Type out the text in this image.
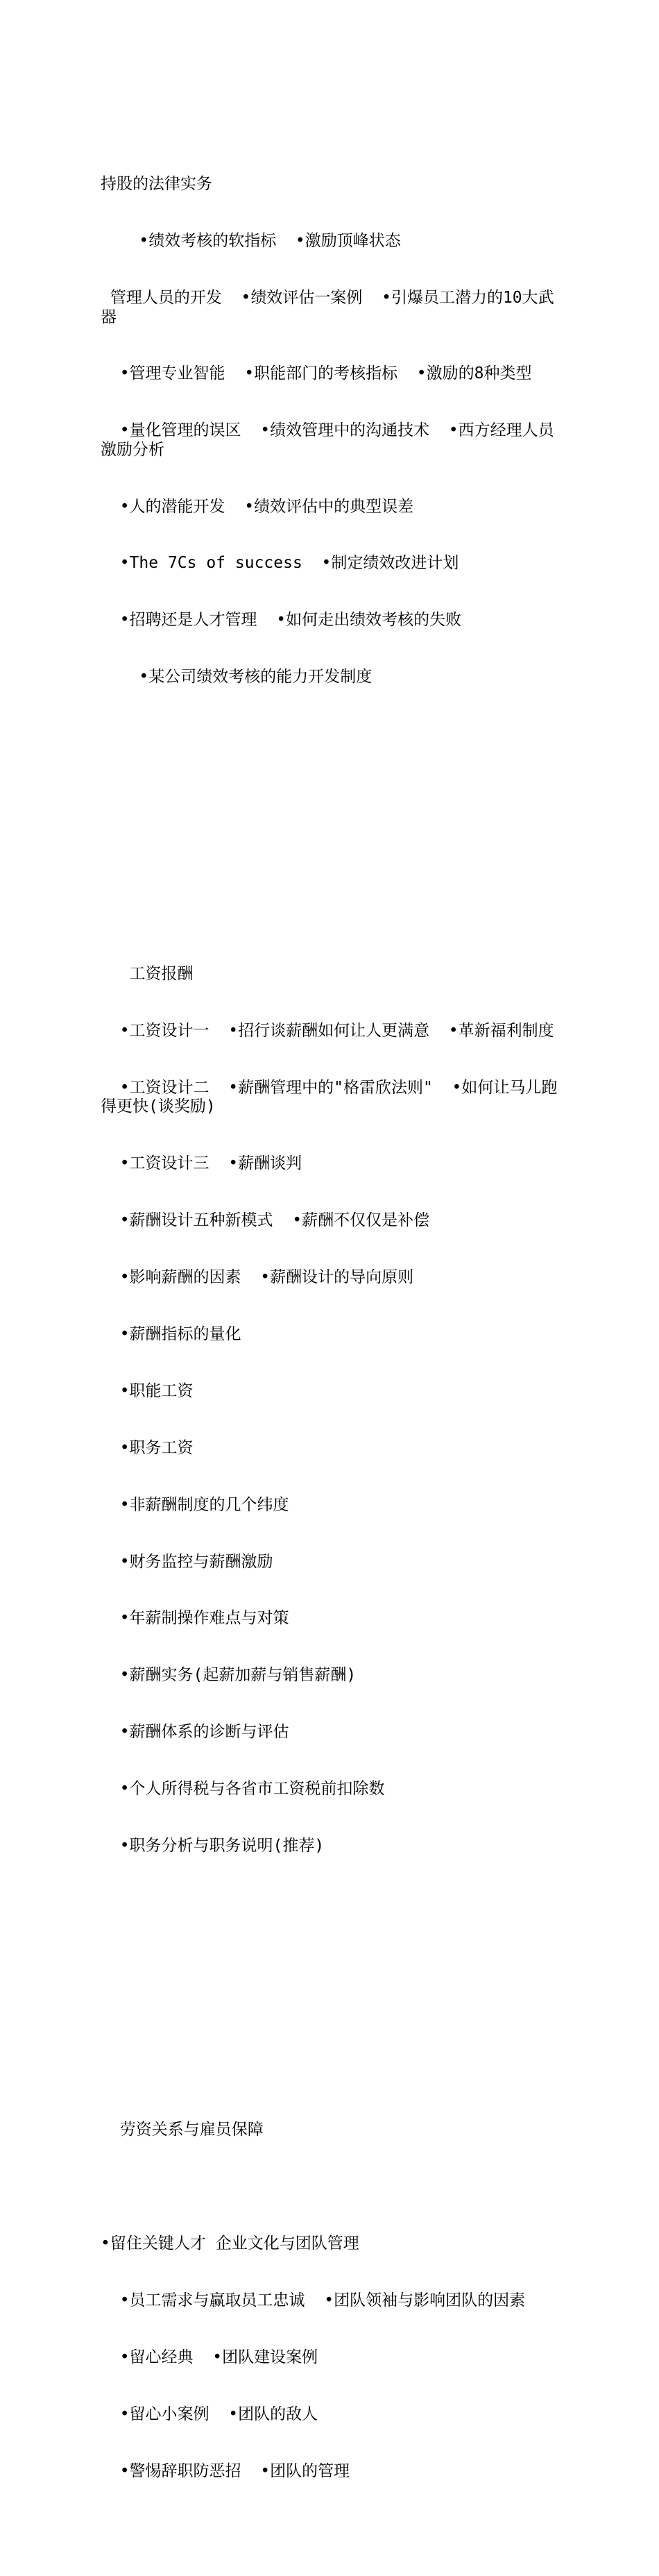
持股的法律实务

•绩效考核的软指标  •激励顶峰状态

管理人员的开发  •绩效评估一案例  •引爆员工潜力的10大武器

•管理专业智能  •职能部门的考核指标  •激励的8种类型

•量化管理的误区  •绩效管理中的沟通技术  •西方经理人员激励分析

•人的潜能开发  •绩效评估中的典型误差

•The 7Cs of success  •制定绩效改进计划

•招聘还是人才管理  •如何走出绩效考核的失败

•某公司绩效考核的能力开发制度

工资报酬

•工资设计一  •招行谈薪酬如何让人更满意  •革新福利制度

•工资设计二  •薪酬管理中的"格雷欣法则"  •如何让马儿跑得更快(谈奖励)

•工资设计三  •薪酬谈判

•薪酬设计五种新模式  •薪酬不仅仅是补偿

•影响薪酬的因素  •薪酬设计的导向原则

•薪酬指标的量化

•职能工资

•职务工资

•非薪酬制度的几个纬度

•财务监控与薪酬激励

•年薪制操作难点与对策

•薪酬实务(起薪加薪与销售薪酬)

•薪酬体系的诊断与评估

•个人所得税与各省市工资税前扣除数

•职务分析与职务说明(推荐)

劳资关系与雇员保障

•留住关键人才 企业文化与团队管理

•员工需求与赢取员工忠诚  •团队领袖与影响团队的因素

•留心经典  •团队建设案例

•留心小案例  •团队的敌人

•警惕辞职防恶招  •团队的管理
